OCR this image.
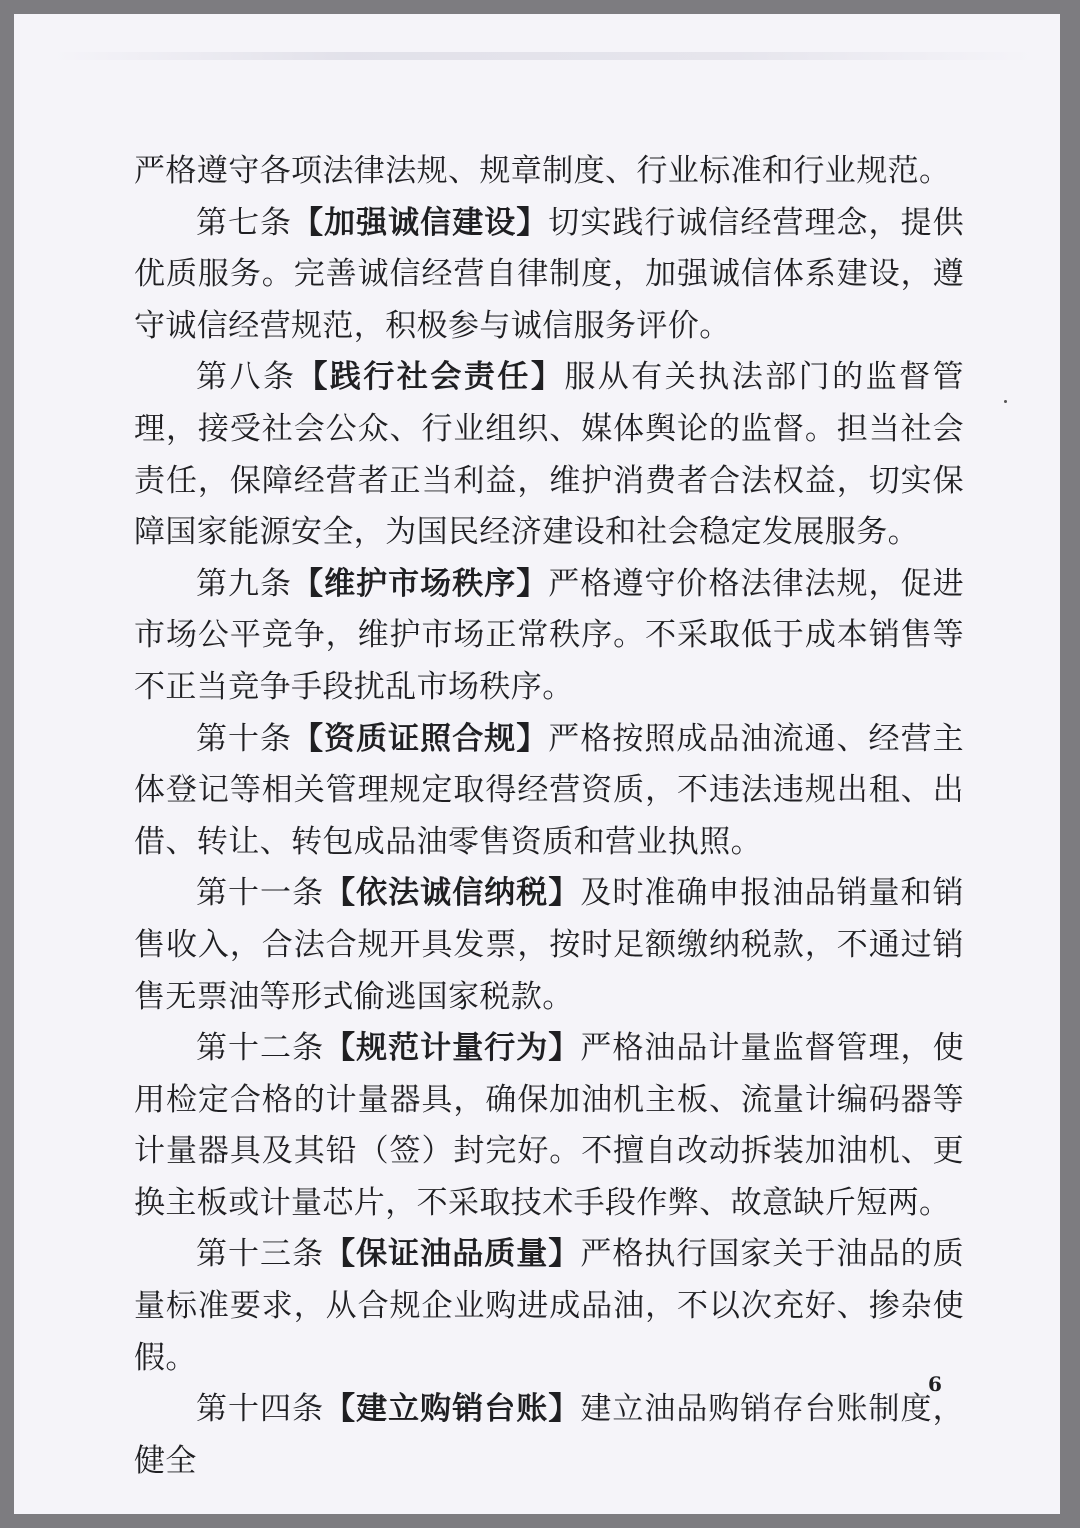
严格遵守各项法律法规、规章制度、行业标准和行业规范。

第七条【加强诚信建设】切实践行诚信经营理念，提供优质服务。完善诚信经营自律制度，加强诚信体系建设，遵守诚信经营规范，积极参与诚信服务评价。

第八条【践行社会责任】服从有关执法部门的监督管理，接受社会公众、行业组织、媒体舆论的监督。担当社会责任，保障经营者正当利益，维护消费者合法权益，切实保障国家能源安全，为国民经济建设和社会稳定发展服务。

第九条【维护市场秩序】严格遵守价格法律法规，促进市场公平竞争，维护市场正常秩序。不采取低于成本销售等不正当竞争手段扰乱市场秩序。

第十条【资质证照合规】严格按照成品油流通、经营主体登记等相关管理规定取得经营资质，不违法违规出租、出借、转让、转包成品油零售资质和营业执照。

第十一条【依法诚信纳税】及时准确申报油品销量和销售收入，合法合规开具发票，按时足额缴纳税款，不通过销售无票油等形式偷逃国家税款。

第十二条【规范计量行为】严格油品计量监督管理，使用检定合格的计量器具，确保加油机主板、流量计编码器等计量器具及其铅（签）封完好。不擅自改动拆装加油机、更换主板或计量芯片，不采取技术手段作弊、故意缺斤短两。

第十三条【保证油品质量】严格执行国家关于油品的质量标准要求，从合规企业购进成品油，不以次充好、掺杂使假。

第十四条【建立购销台账】建立油品购销存台账制度，健全

6
